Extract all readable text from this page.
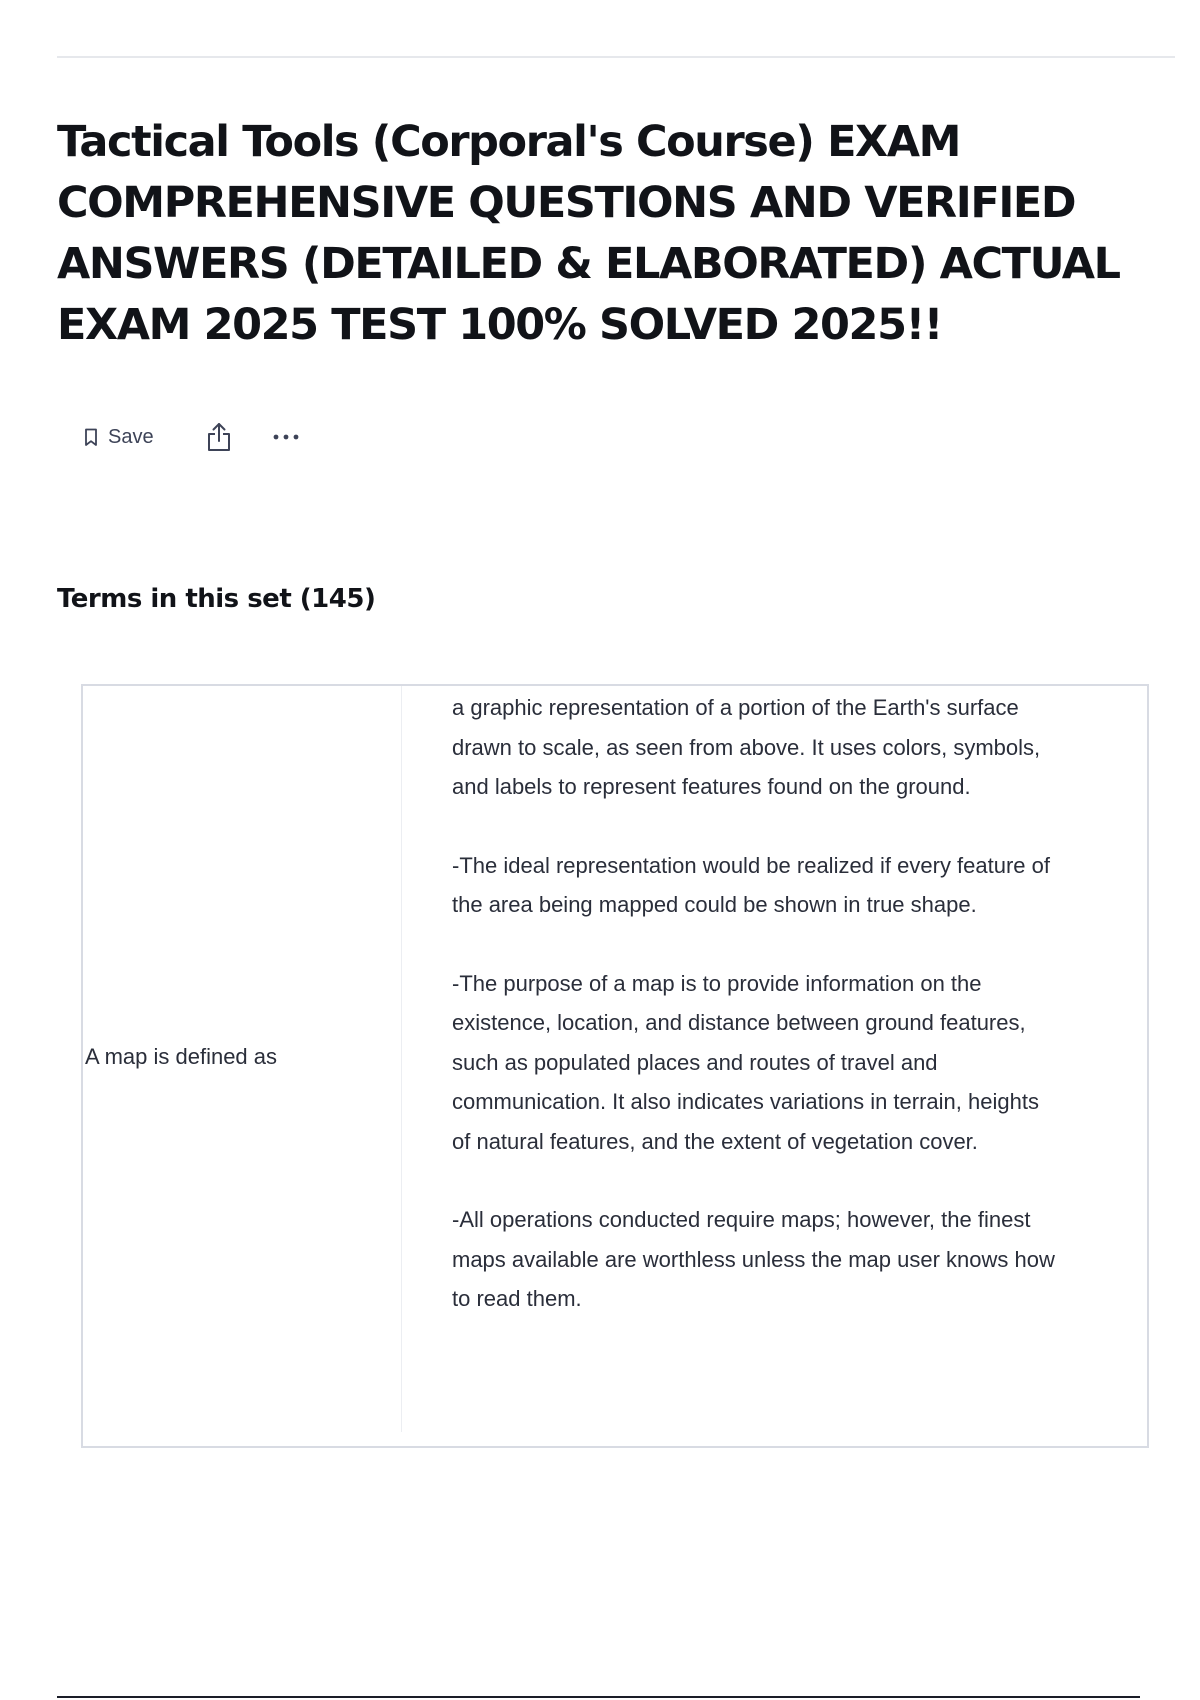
Tactical Tools (Corporal's Course) EXAM COMPREHENSIVE QUESTIONS AND VERIFIED ANSWERS (DETAILED & ELABORATED) ACTUAL EXAM 2025 TEST 100% SOLVED 2025!!
Save
Terms in this set (145)
A map is defined as

a graphic representation of a portion of the Earth's surface drawn to scale, as seen from above. It uses colors, symbols, and labels to represent features found on the ground.

-The ideal representation would be realized if every feature of the area being mapped could be shown in true shape.

-The purpose of a map is to provide information on the existence, location, and distance between ground features, such as populated places and routes of travel and communication. It also indicates variations in terrain, heights of natural features, and the extent of vegetation cover.

-All operations conducted require maps; however, the finest maps available are worthless unless the map user knows how to read them.
